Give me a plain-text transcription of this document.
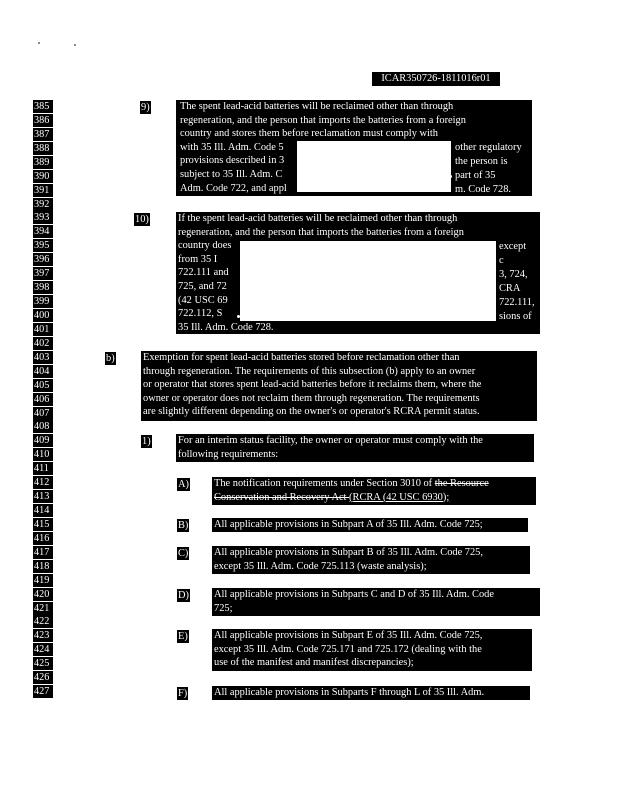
ICAR350726-1811016r01
385
386
387
388
389
390
391
392
393
394
395
396
397
398
399
400
401
402
403
404
405
406
407
408
409
410
411
412
413
414
415
416
417
418
419
420
421
422
423
424
425
426
427
9)	The spent lead-acid batteries will be reclaimed other than through
regeneration, and the person that imports the batteries from a foreign
country and stores them before reclamation must comply with
with 35 Ill. Adm. Code 5
provisions described in 3
subject to 35 Ill. Adm. C
Adm. Code 722, and appl
other regulatory
the person is
part of 35
m. Code 728.
10)	If the spent lead-acid batteries will be reclaimed other than through
regeneration, and the person that imports the batteries from a foreign
country does
from 35 I
722.111 and
725, and 72
(42 USC 69
722.112, S
35 Ill. Adm. Code 728.
except
c
3, 724,
CRA
722.111,
sions of
b)	Exemption for spent lead-acid batteries stored before reclamation other than
through regeneration. The requirements of this subsection (b) apply to an owner
or operator that stores spent lead-acid batteries before it reclaims them, where the
owner or operator does not reclaim them through regeneration. The requirements
are slightly different depending on the owner's or operator's RCRA permit status.
1)	For an interim status facility, the owner or operator must comply with the
following requirements:
A) The notification requirements under Section 3010 of the Resource
Conservation and Recovery Act (RCRA (42 USC 6930);
B) All applicable provisions in Subpart A of 35 Ill. Adm. Code 725;
C) All applicable provisions in Subpart B of 35 Ill. Adm. Code 725,
except 35 Ill. Adm. Code 725.113 (waste analysis);
D) All applicable provisions in Subparts C and D of 35 Ill. Adm. Code
725;
E)	All applicable provisions in Subpart E of 35 Ill. Adm. Code 725,
except 35 Ill. Adm. Code 725.171 and 725.172 (dealing with the
use of the manifest and manifest discrepancies);
F)	All applicable provisions in Subparts F through L of 35 Ill. Adm.
